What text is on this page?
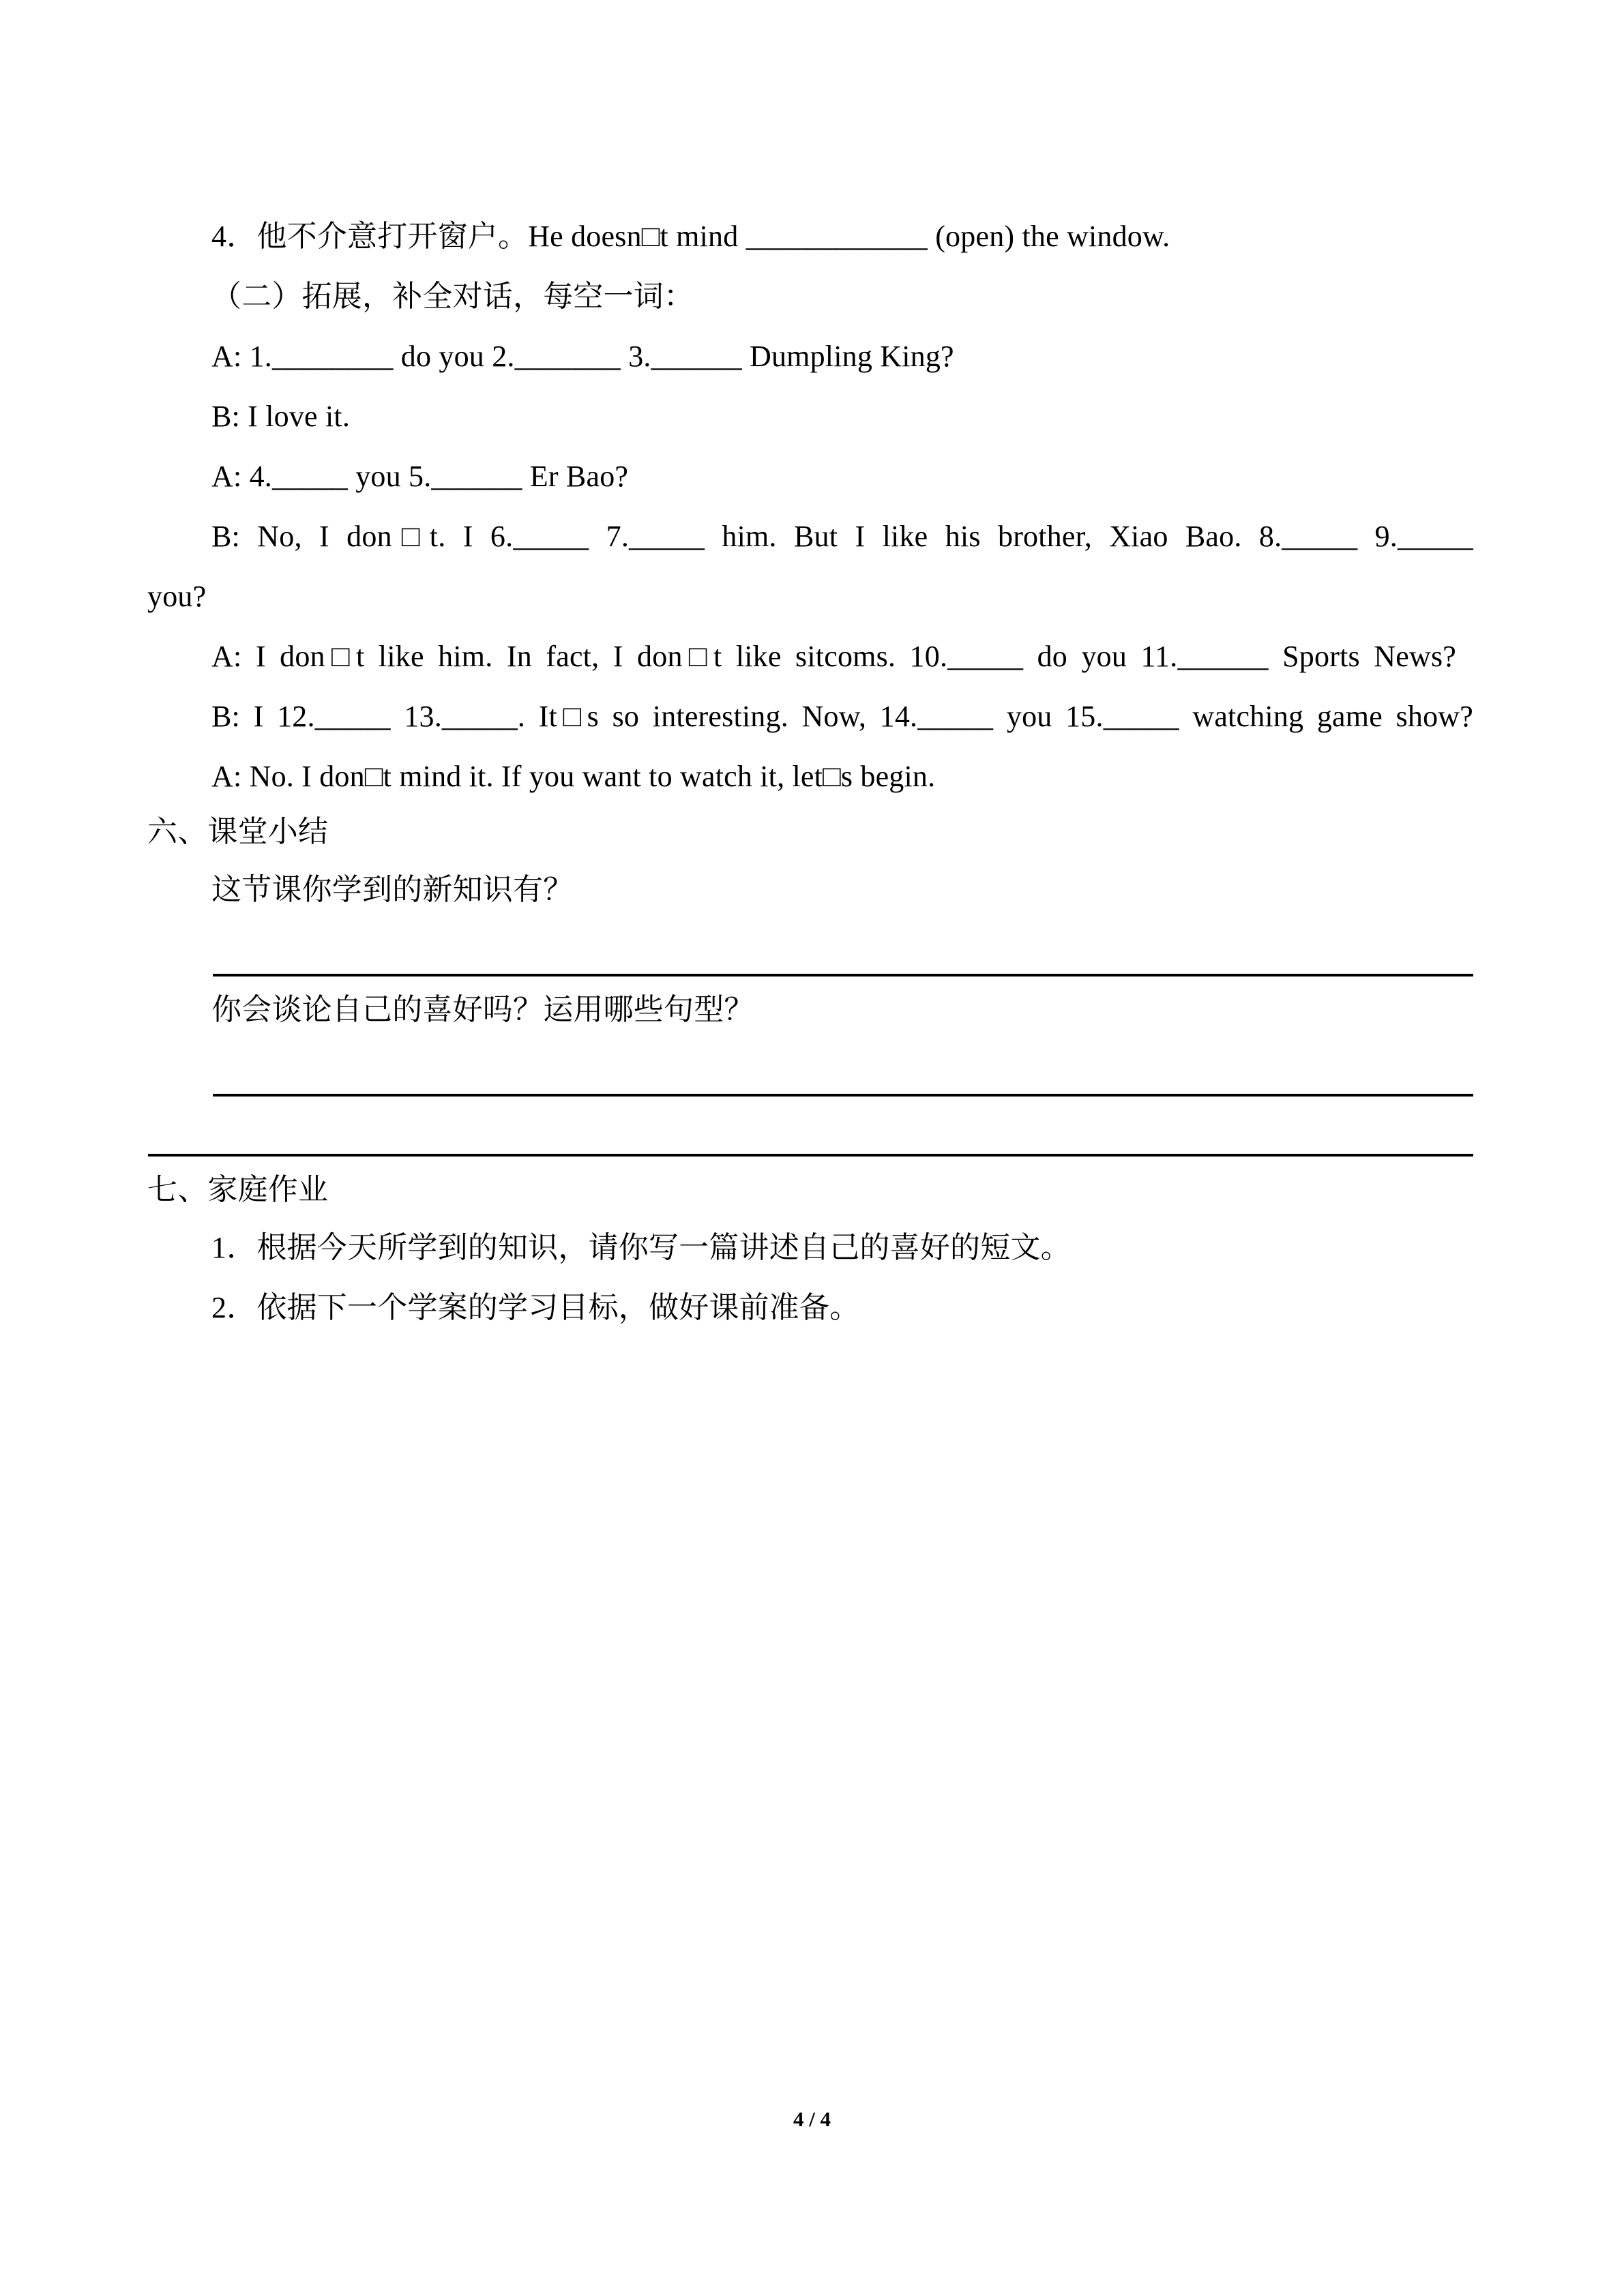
4．他不介意打开窗户。He doesn□t mind ____________ (open) the window.
（二）拓展，补全对话，每空一词：
A: 1.________ do you 2._______ 3.______ Dumpling King?
B: I love it.
A: 4._____ you 5.______ Er Bao?
B: No, I don□t. I 6._____ 7._____ him. But I like his brother, Xiao Bao. 8._____ 9._____
you?
A: I don□t like him. In fact, I don□t like sitcoms. 10._____ do you 11.______ Sports News?
B: I 12._____ 13._____. It□s so interesting. Now, 14._____ you 15._____ watching game show?
A: No. I don□t mind it. If you want to watch it, let□s begin.
六、课堂小结
这节课你学到的新知识有？
你会谈论自己的喜好吗？运用哪些句型？
七、家庭作业
1．根据今天所学到的知识，请你写一篇讲述自己的喜好的短文。
2．依据下一个学案的学习目标，做好课前准备。
4 / 4
